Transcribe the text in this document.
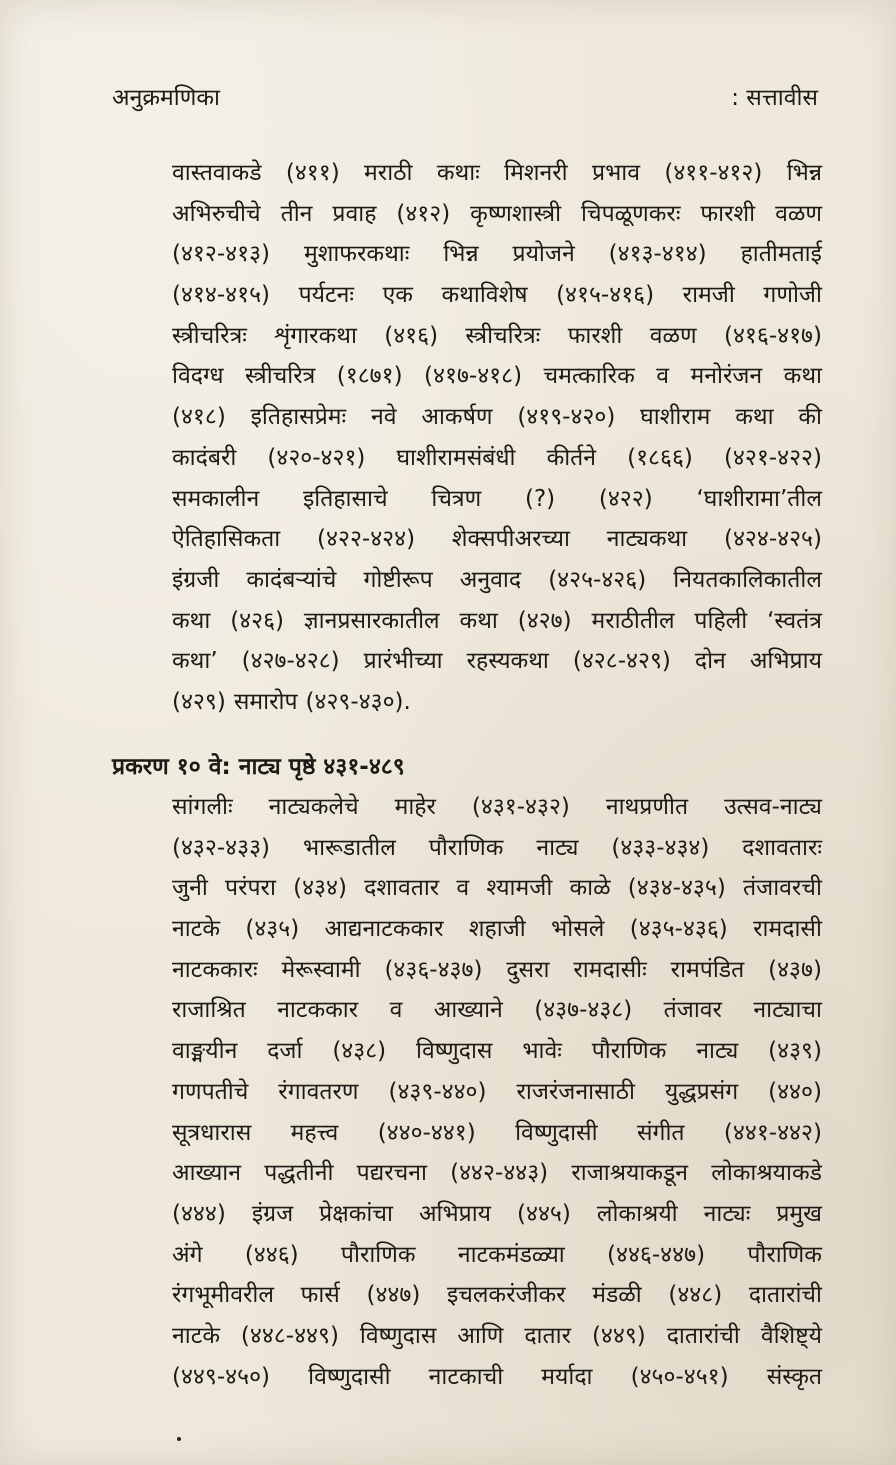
अनुक्रमणिका	: सत्तावीस
वास्तवाकडे (४११) मराठी कथाः मिशनरी प्रभाव (४११-४१२) भिन्न
अभिरुचीचे तीन प्रवाह (४१२) कृष्णशास्त्री चिपळूणकरः फारशी वळण
(४१२-४१३) मुशाफरकथाः भिन्न प्रयोजने (४१३-४१४) हातीमताई
(४१४-४१५) पर्यटनः एक कथाविशेष (४१५-४१६) रामजी गणोजी
स्त्रीचरित्रः शृंगारकथा (४१६) स्त्रीचरित्रः फारशी वळण (४१६-४१७)
विदग्ध स्त्रीचरित्र (१८७१) (४१७-४१८) चमत्कारिक व मनोरंजन कथा
(४१८) इतिहासप्रेमः नवे आकर्षण (४१९-४२०) घाशीराम कथा की
कादंबरी (४२०-४२१) घाशीरामसंबंधी कीर्तने (१८६६) (४२१-४२२)
समकालीन इतिहासाचे चित्रण (?) (४२२) ‘घाशीरामा’तील
ऐतिहासिकता (४२२-४२४) शेक्सपीअरच्या नाट्यकथा (४२४-४२५)
इंग्रजी कादंबऱ्यांचे गोष्टीरूप अनुवाद (४२५-४२६) नियतकालिकातील
कथा (४२६) ज्ञानप्रसारकातील कथा (४२७) मराठीतील पहिली ‘स्वतंत्र
कथा’ (४२७-४२८) प्रारंभीच्या रहस्यकथा (४२८-४२९) दोन अभिप्राय
(४२९) समारोप (४२९-४३०).
प्रकरण १० वे: नाट्य पृष्ठे ४३१-४८९
सांगलीः नाट्यकलेचे माहेर (४३१-४३२) नाथप्रणीत उत्सव-नाट्य
(४३२-४३३) भारूडातील पौराणिक नाट्य (४३३-४३४) दशावतारः
जुनी परंपरा (४३४) दशावतार व श्यामजी काळे (४३४-४३५) तंजावरची
नाटके (४३५) आद्यनाटककार शहाजी भोसले (४३५-४३६) रामदासी
नाटककारः मेरूस्वामी (४३६-४३७) दुसरा रामदासीः रामपंडित (४३७)
राजाश्रित नाटककार व आख्याने (४३७-४३८) तंजावर नाट्याचा
वाङ्मयीन दर्जा (४३८) विष्णुदास भावेः पौराणिक नाट्य (४३९)
गणपतीचे रंगावतरण (४३९-४४०) राजरंजनासाठी युद्धप्रसंग (४४०)
सूत्रधारास महत्त्व (४४०-४४१) विष्णुदासी संगीत (४४१-४४२)
आख्यान पद्धतीनी पद्यरचना (४४२-४४३) राजाश्रयाकडून लोकाश्रयाकडे
(४४४) इंग्रज प्रेक्षकांचा अभिप्राय (४४५) लोकाश्रयी नाट्यः प्रमुख
अंगे (४४६) पौराणिक नाटकमंडळ्या (४४६-४४७) पौराणिक
रंगभूमीवरील फार्स (४४७) इचलकरंजीकर मंडळी (४४८) दातारांची
नाटके (४४८-४४९) विष्णुदास आणि दातार (४४९) दातारांची वैशिष्ट्ये
(४४९-४५०) विष्णुदासी नाटकाची मर्यादा (४५०-४५१) संस्कृत
